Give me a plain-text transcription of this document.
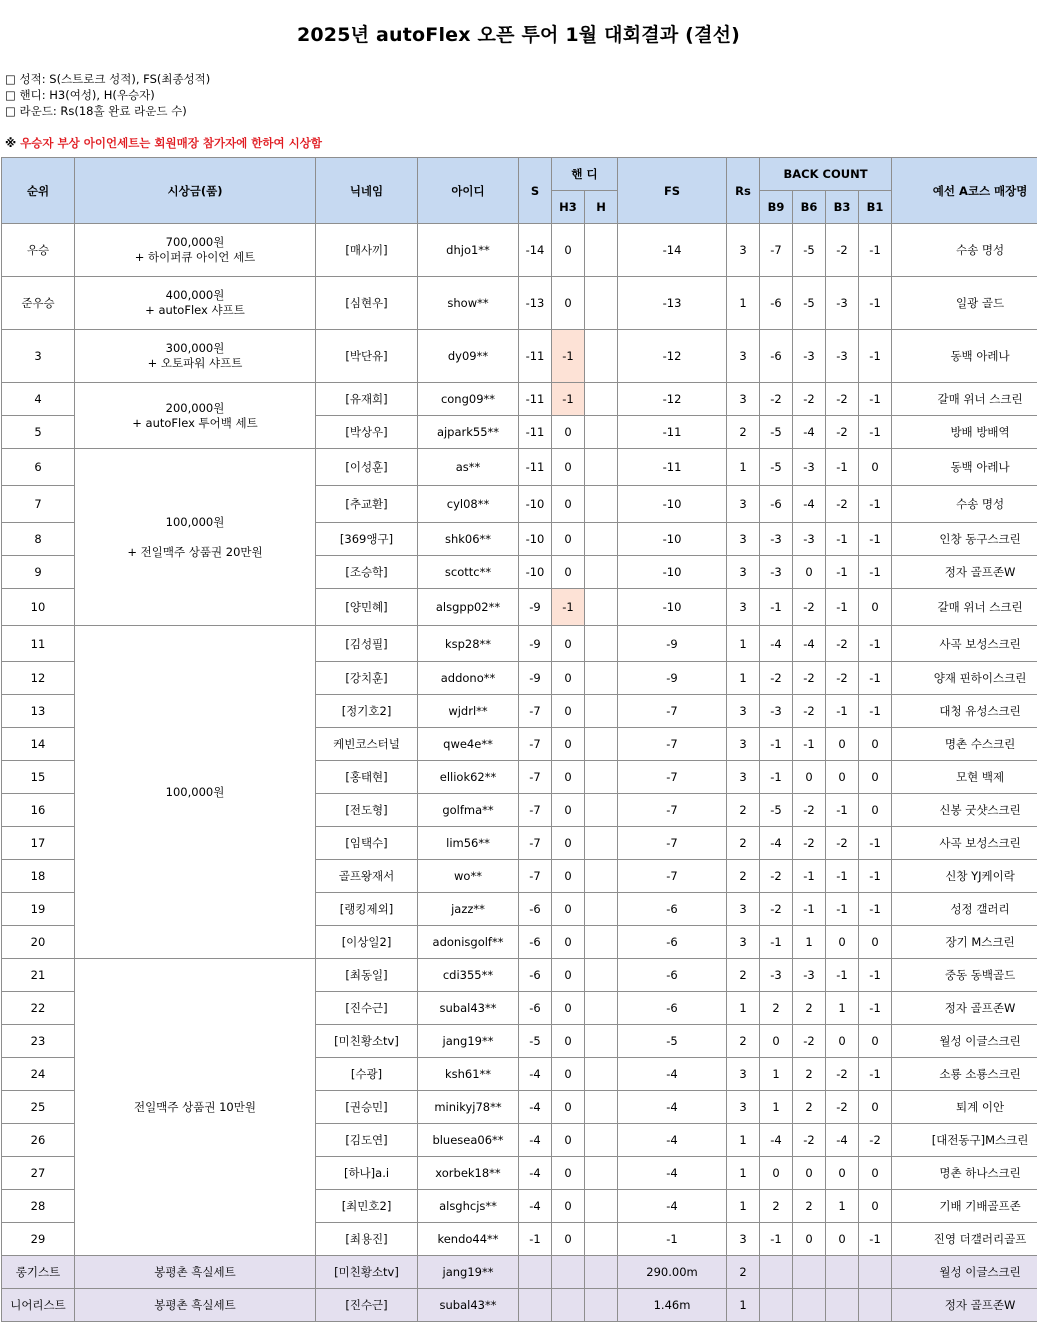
2025년 autoFlex 오픈 투어 1월 대회결과 (결선)
□ 성적: S(스트로크 성적), FS(최종성적)
□ 핸디: H3(여성), H(우승자)
□ 라운드: Rs(18홀 완료 라운드 수)
※ 우승자 부상 아이언세트는 회원매장 참가자에 한하여 시상함
순위	시상금(품)	닉네임	아이디	S	핸 디		FS	Rs	BACK COUNT				예선 A코스 매장명
					H3	H			B9	B6	B3	B1	
우승	700,000원
+ 하이퍼큐 아이언 세트	[매사끼]	dhjo1**	-14	0		-14	3	-7	-5	-2	-1	수송 명성
준우승	400,000원
+ autoFlex 샤프트	[심현우]	show**	-13	0		-13	1	-6	-5	-3	-1	일광 골드
3	300,000원
+ 오토파워 샤프트	[박단유]	dy09**	-11	-1		-12	3	-6	-3	-3	-1	동백 아레나
4	200,000원
+ autoFlex 투어백 세트	[유재희]	cong09**	-11	-1		-12	3	-2	-2	-2	-1	갈매 위너 스크린
5		[박상우]	ajpark55**	-11	0		-11	2	-5	-4	-2	-1	방배 방배역
6	100,000원

+ 전일맥주 상품권 20만원	[이성훈]	as**	-11	0		-11	1	-5	-3	-1	0	동백 아레나
7		[추교환]	cyl08**	-10	0		-10	3	-6	-4	-2	-1	수송 명성
8		[369앵구]	shk06**	-10	0		-10	3	-3	-3	-1	-1	인창 동구스크린
9		[조승학]	scottc**	-10	0		-10	3	-3	0	-1	-1	정자 골프존W
10		[양민혜]	alsgpp02**	-9	-1		-10	3	-1	-2	-1	0	갈매 위너 스크린
11	100,000원	[김성필]	ksp28**	-9	0		-9	1	-4	-4	-2	-1	사곡 보성스크린
12		[강치훈]	addono**	-9	0		-9	1	-2	-2	-2	-1	양재 핀하이스크린
13		[정기호2]	wjdrl**	-7	0		-7	3	-3	-2	-1	-1	대청 유성스크린
14		케빈코스터널	qwe4e**	-7	0		-7	3	-1	-1	0	0	명촌 수스크린
15		[홍태현]	elliok62**	-7	0		-7	3	-1	0	0	0	모현 백제
16		[전도형]	golfma**	-7	0		-7	2	-5	-2	-1	0	신봉 굿샷스크린
17		[임택수]	lim56**	-7	0		-7	2	-4	-2	-2	-1	사곡 보성스크린
18		골프왕재서	wo**	-7	0		-7	2	-2	-1	-1	-1	신창 YJ케이락
19		[랭킹제외]	jazz**	-6	0		-6	3	-2	-1	-1	-1	성정 갤러리
20		[이상일2]	adonisgolf**	-6	0		-6	3	-1	1	0	0	장기 M스크린
21	전일맥주 상품권 10만원	[최동일]	cdi355**	-6	0		-6	2	-3	-3	-1	-1	중동 동백골드
22		[진수근]	subal43**	-6	0		-6	1	2	2	1	-1	정자 골프존W
23		[미친황소tv]	jang19**	-5	0		-5	2	0	-2	0	0	월성 이글스크린
24		[수광]	ksh61**	-4	0		-4	3	1	2	-2	-1	소룡 소룡스크린
25		[권승민]	minikyj78**	-4	0		-4	3	1	2	-2	0	퇴계 이안
26		[김도연]	bluesea06**	-4	0		-4	1	-4	-2	-4	-2	[대전동구]M스크린
27		[하나]a.i	xorbek18**	-4	0		-4	1	0	0	0	0	명촌 하나스크린
28		[최민호2]	alsghcjs**	-4	0		-4	1	2	2	1	0	기배 기배골프존
29		[최용진]	kendo44**	-1	0		-1	3	-1	0	0	-1	진영 더갤러리골프
롱기스트	봉평촌 흑실세트	[미친황소tv]	jang19**				290.00m	2					월성 이글스크린
니어리스트	봉평촌 흑실세트	[진수근]	subal43**				1.46m	1					정자 골프존W
